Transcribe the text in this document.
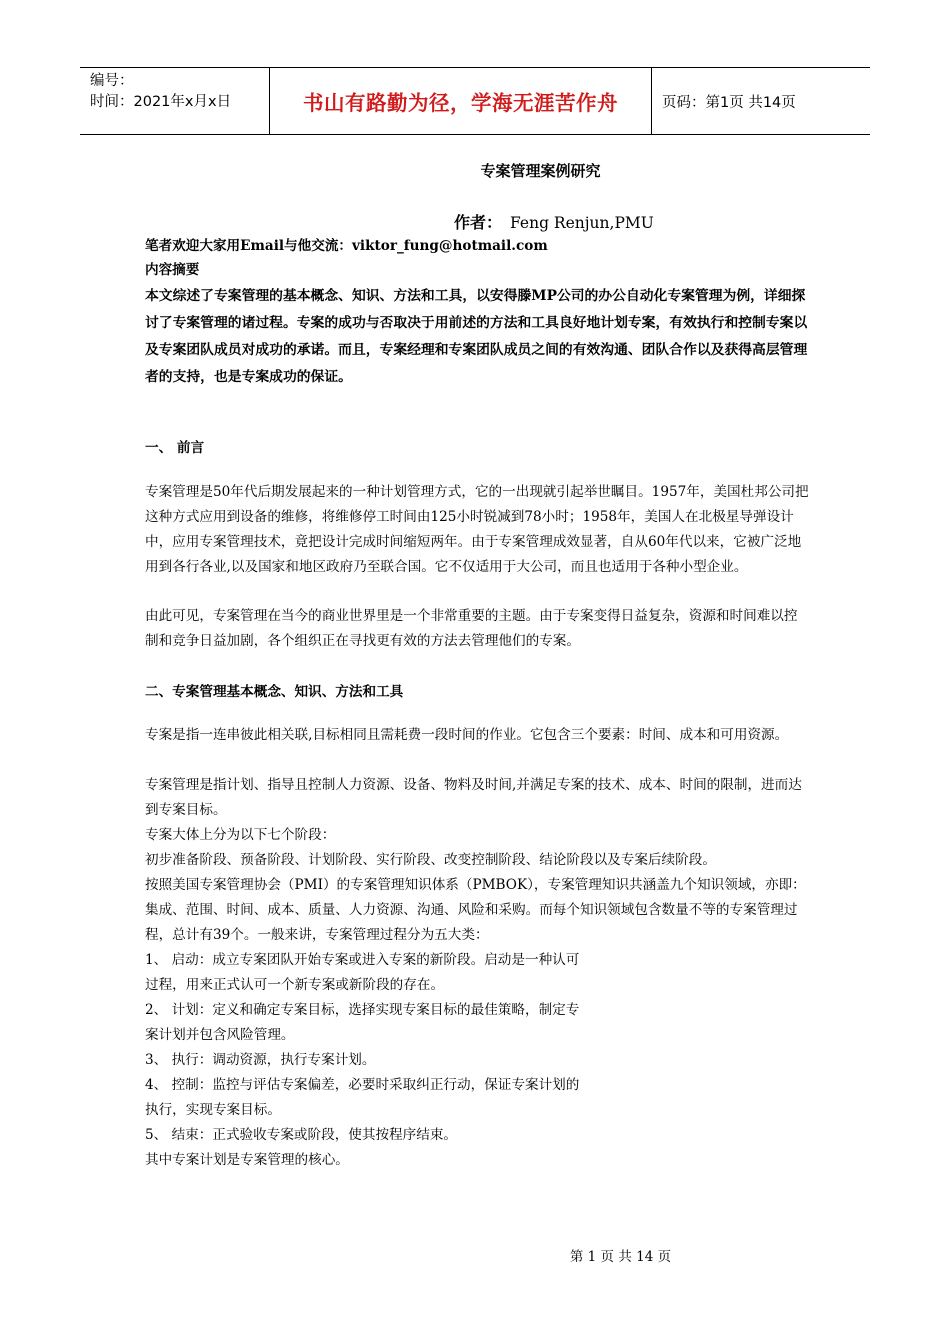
编号：
时间：2021年x月x日	书山有路勤为径，学海无涯苦作舟	页码：第1页 共14页
专案管理案例研究
作者： Feng Renjun,PMU
笔者欢迎大家用Email与他交流：viktor_fung@hotmail.com
内容摘要
本文综述了专案管理的基本概念、知识、方法和工具，以安得滕MP公司的办公自动化专案管理为例，详细探讨了专案管理的诸过程。专案的成功与否取决于用前述的方法和工具良好地计划专案，有效执行和控制专案以及专案团队成员对成功的承诺。而且，专案经理和专案团队成员之间的有效沟通、团队合作以及获得高层管理者的支持，也是专案成功的保证。
一、 前言
专案管理是50年代后期发展起来的一种计划管理方式，它的一出现就引起举世瞩目。1957年，美国杜邦公司把这种方式应用到设备的维修，将维修停工时间由125小时锐减到78小时；1958年，美国人在北极星导弹设计中，应用专案管理技术，竟把设计完成时间缩短两年。由于专案管理成效显著，自从60年代以来，它被广泛地用到各行各业,以及国家和地区政府乃至联合国。它不仅适用于大公司，而且也适用于各种小型企业。
由此可见，专案管理在当今的商业世界里是一个非常重要的主题。由于专案变得日益复杂，资源和时间难以控制和竞争日益加剧，各个组织正在寻找更有效的方法去管理他们的专案。
二、专案管理基本概念、知识、方法和工具
专案是指一连串彼此相关联,目标相同且需耗费一段时间的作业。它包含三个要素：时间、成本和可用资源。
专案管理是指计划、指导且控制人力资源、设备、物料及时间,并满足专案的技术、成本、时间的限制，进而达到专案目标。
专案大体上分为以下七个阶段：
初步准备阶段、预备阶段、计划阶段、实行阶段、改变控制阶段、结论阶段以及专案后续阶段。
按照美国专案管理协会（PMI）的专案管理知识体系（PMBOK），专案管理知识共涵盖九个知识领域，亦即：集成、范围、时间、成本、质量、人力资源、沟通、风险和采购。而每个知识领域包含数量不等的专案管理过程，总计有39个。一般来讲，专案管理过程分为五大类：
1、 启动：成立专案团队开始专案或进入专案的新阶段。启动是一种认可过程，用来正式认可一个新专案或新阶段的存在。
2、 计划：定义和确定专案目标，选择实现专案目标的最佳策略，制定专案计划并包含风险管理。
3、 执行：调动资源，执行专案计划。
4、 控制：监控与评估专案偏差，必要时采取纠正行动，保证专案计划的执行，实现专案目标。
5、 结束：正式验收专案或阶段，使其按程序结束。
其中专案计划是专案管理的核心。
第 1 页 共 14 页
